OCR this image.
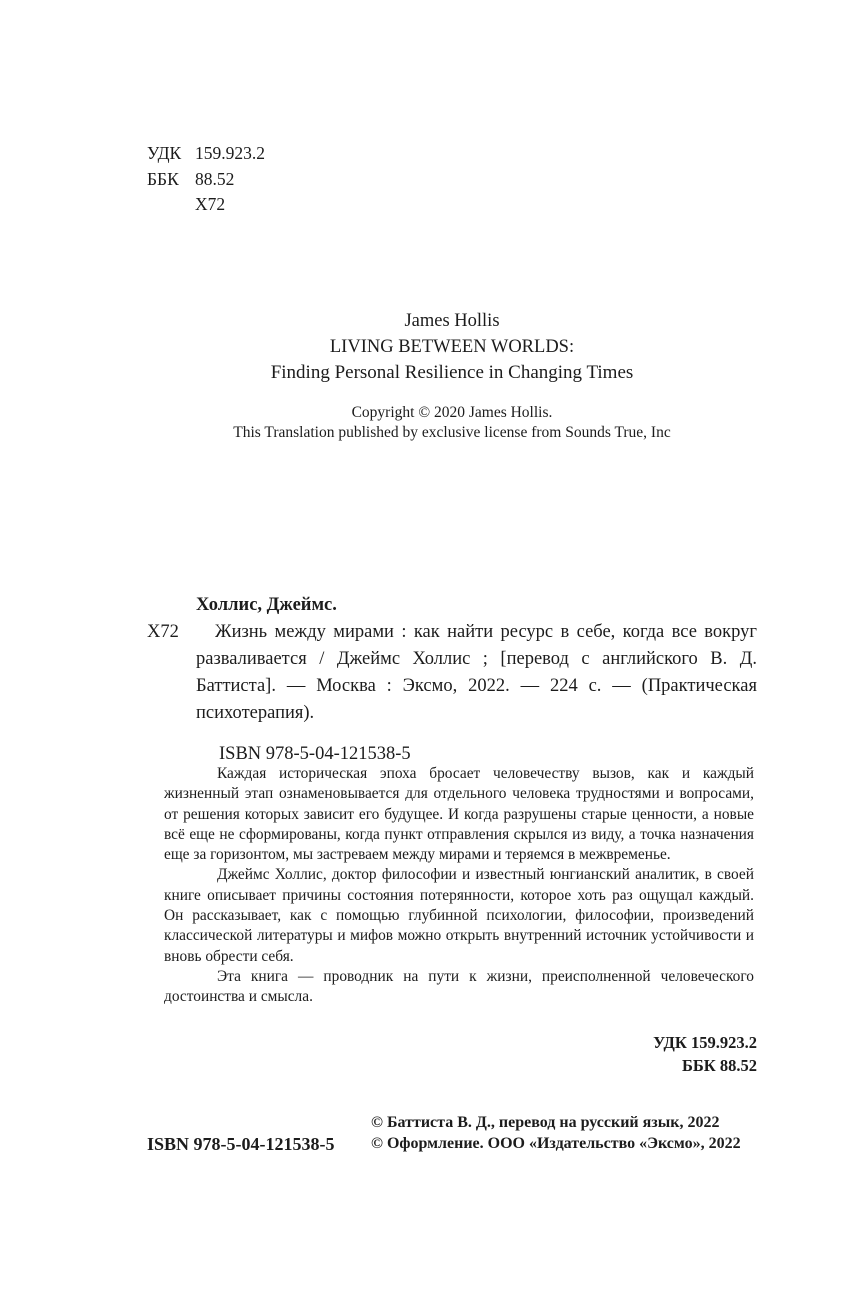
УДК 159.923.2
ББК 88.52
Х72
James Hollis
LIVING BETWEEN WORLDS:
Finding Personal Resilience in Changing Times
Copyright © 2020 James Hollis.
This Translation published by exclusive license from Sounds True, Inc
Холлис, Джеймс.
Х72	Жизнь между мирами : как найти ресурс в себе, когда все вокруг разваливается / Джеймс Холлис ; [перевод с английского В. Д. Баттиста]. — Москва : Эксмо, 2022. — 224 с. — (Практическая психотерапия).

ISBN 978-5-04-121538-5

Каждая историческая эпоха бросает человечеству вызов, как и каждый жизненный этап ознаменовывается для отдельного человека трудностями и вопросами, от решения которых зависит его будущее. И когда разрушены старые ценности, а новые всё еще не сформированы, когда пункт отправления скрылся из виду, а точка назначения еще за горизонтом, мы застреваем между мирами и теряемся в межвременье.

Джеймс Холлис, доктор философии и известный юнгианский аналитик, в своей книге описывает причины состояния потерянности, которое хоть раз ощущал каждый. Он рассказывает, как с помощью глубинной психологии, философии, произведений классической литературы и мифов можно открыть внутренний источник устойчивости и вновь обрести себя.

Эта книга — проводник на пути к жизни, преисполненной человеческого достоинства и смысла.

УДК 159.923.2
ББК 88.52
ISBN 978-5-04-121538-5
© Баттиста В. Д., перевод на русский язык, 2022
© Оформление. ООО «Издательство «Эксмо», 2022
